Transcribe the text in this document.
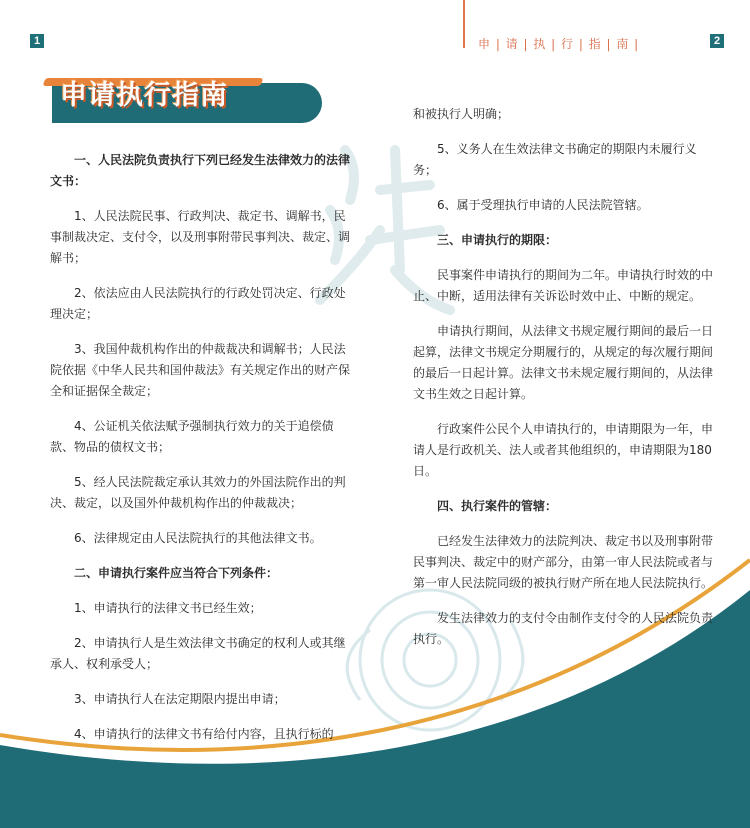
1	申 | 请 | 执 | 行 | 指 | 南 |	2
申请执行指南

一、人民法院负责执行下列已经发生法律效力的法律文书：

1、人民法院民事、行政判决、裁定书、调解书，民事制裁决定、支付令，以及刑事附带民事判决、裁定、调解书；

2、依法应由人民法院执行的行政处罚决定、行政处理决定；

3、我国仲裁机构作出的仲裁裁决和调解书；人民法院依据《中华人民共和国仲裁法》有关规定作出的财产保全和证据保全裁定；

4、公证机关依法赋予强制执行效力的关于追偿债款、物品的债权文书；

5、经人民法院裁定承认其效力的外国法院作出的判决、裁定，以及国外仲裁机构作出的仲裁裁决；

6、法律规定由人民法院执行的其他法律文书。

二、申请执行案件应当符合下列条件：

1、申请执行的法律文书已经生效；

2、申请执行人是生效法律文书确定的权利人或其继承人、权利承受人；

3、申请执行人在法定期限内提出申请；

4、申请执行的法律文书有给付内容，且执行标的

和被执行人明确；

5、义务人在生效法律文书确定的期限内未履行义务；

6、属于受理执行申请的人民法院管辖。

三、申请执行的期限：

民事案件申请执行的期间为二年。申请执行时效的中止、中断，适用法律有关诉讼时效中止、中断的规定。

申请执行期间，从法律文书规定履行期间的最后一日起算，法律文书规定分期履行的，从规定的每次履行期间的最后一日起计算。法律文书未规定履行期间的，从法律文书生效之日起计算。

行政案件公民个人申请执行的，申请期限为一年，申请人是行政机关、法人或者其他组织的，申请期限为180日。

四、执行案件的管辖：

已经发生法律效力的法院判决、裁定书以及刑事附带民事判决、裁定中的财产部分，由第一审人民法院或者与第一审人民法院同级的被执行财产所在地人民法院执行。

发生法律效力的支付令由制作支付令的人民法院负责执行。
